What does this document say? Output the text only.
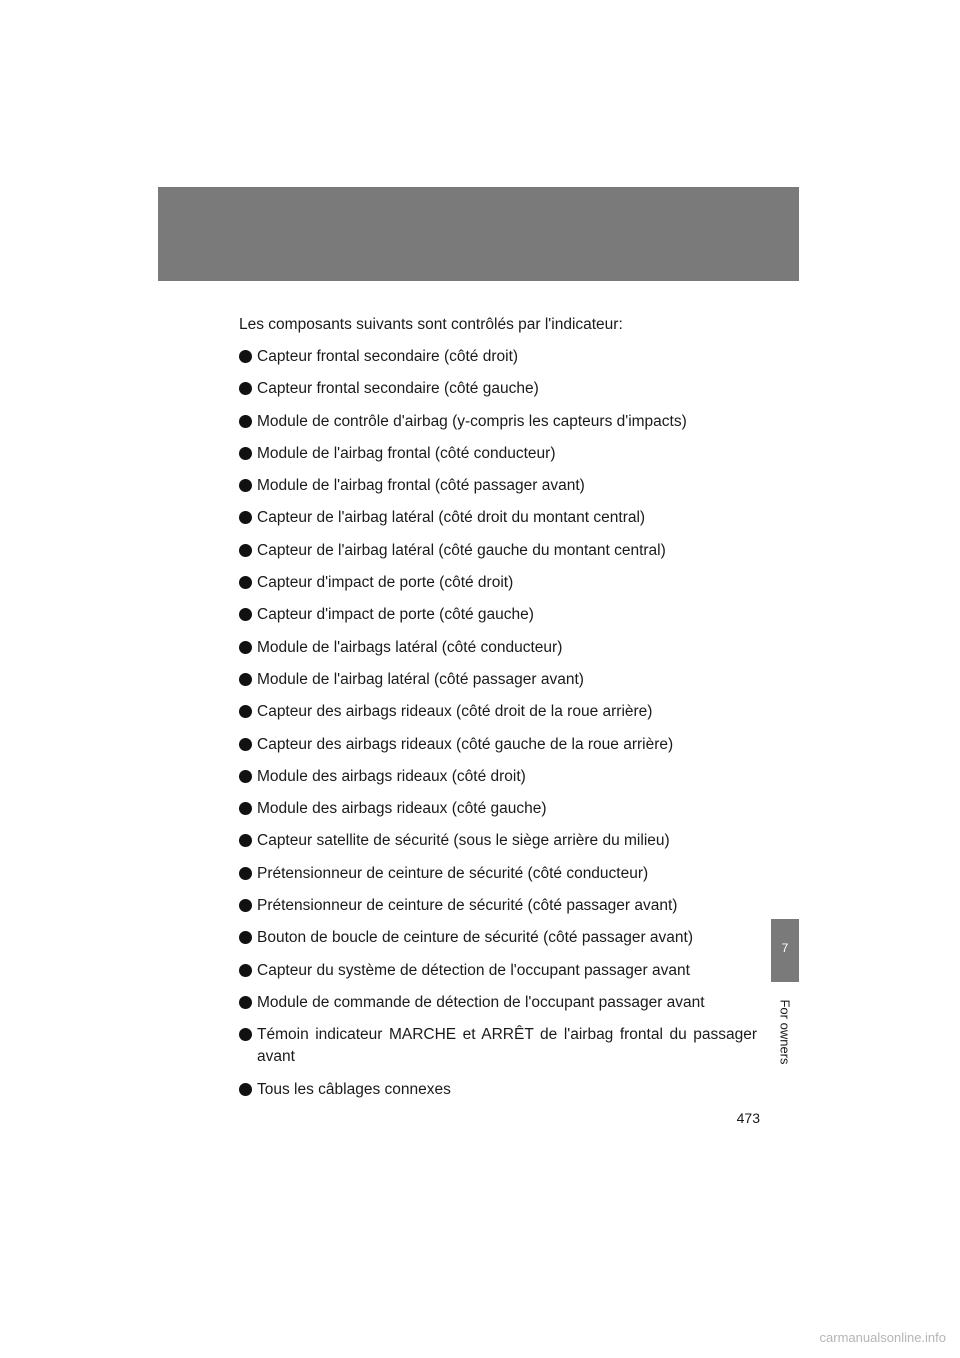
Les composants suivants sont contrôlés par l'indicateur:

Capteur frontal secondaire (côté droit)
Capteur frontal secondaire (côté gauche)
Module de contrôle d'airbag (y-compris les capteurs d'impacts)
Module de l'airbag frontal (côté conducteur)
Module de l'airbag frontal (côté passager avant)
Capteur de l'airbag latéral (côté droit du montant central)
Capteur de l'airbag latéral (côté gauche du montant central)
Capteur d'impact de porte (côté droit)
Capteur d'impact de porte (côté gauche)
Module de l'airbags latéral (côté conducteur)
Module de l'airbag latéral (côté passager avant)
Capteur des airbags rideaux (côté droit de la roue arrière)
Capteur des airbags rideaux (côté gauche de la roue arrière)
Module des airbags rideaux (côté droit)
Module des airbags rideaux (côté gauche)
Capteur satellite de sécurité (sous le siège arrière du milieu)
Prétensionneur de ceinture de sécurité (côté conducteur)
Prétensionneur de ceinture de sécurité (côté passager avant)
Bouton de boucle de ceinture de sécurité (côté passager avant)
Capteur du système de détection de l'occupant passager avant
Module de commande de détection de l'occupant passager avant
Témoin indicateur MARCHE et ARRÊT de l'airbag frontal du passager avant
Tous les câblages connexes
473
7
For owners
carmanualsonline.info
